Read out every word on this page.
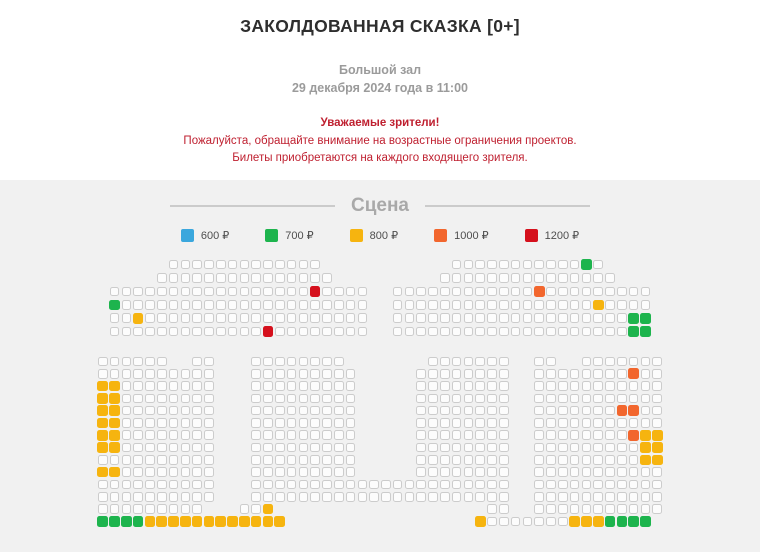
ЗАКОЛДОВАННАЯ СКАЗКА [0+]
Большой зал
29 декабря 2024 года в 11:00
Уважаемые зрители!
Пожалуйста, обращайте внимание на возрастные ограничения проектов.
Билеты приобретаются на каждого входящего зрителя.
Сцена
600 ₽	700 ₽	800 ₽	1000 ₽	1200 ₽
